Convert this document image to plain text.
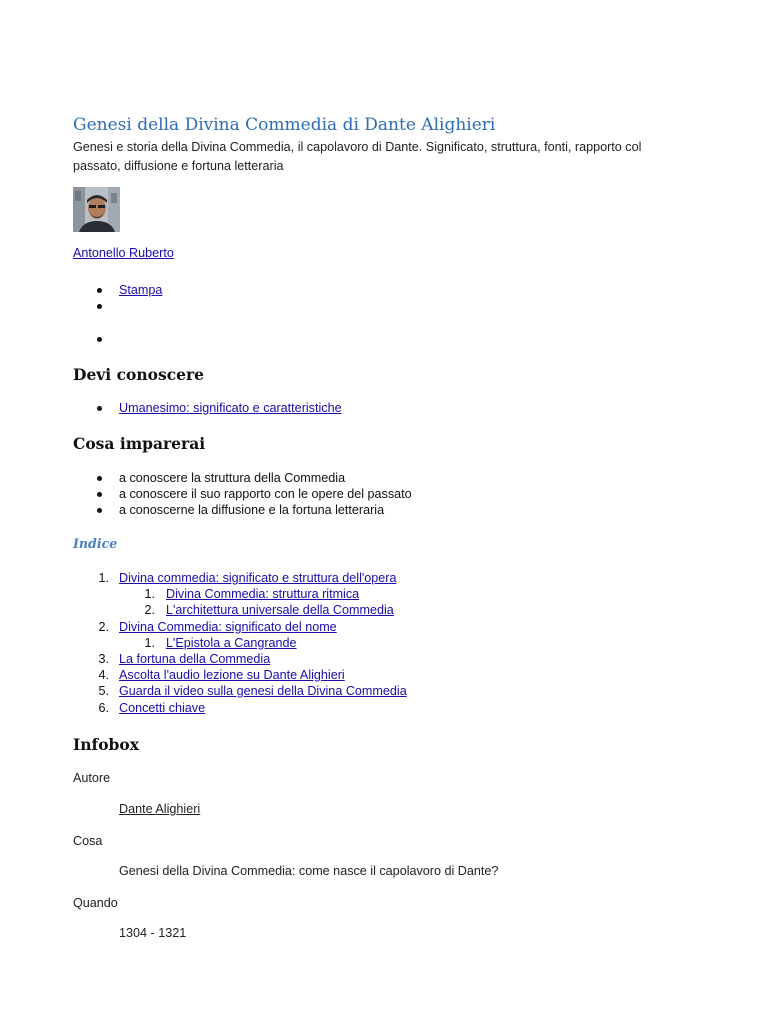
Genesi della Divina Commedia di Dante Alighieri
Genesi e storia della Divina Commedia, il capolavoro di Dante. Significato, struttura, fonti, rapporto col passato, diffusione e fortuna letteraria
Antonello Ruberto
Stampa
Devi conoscere
Umanesimo: significato e caratteristiche
Cosa imparerai
a conoscere la struttura della Commedia
a conoscere il suo rapporto con le opere del passato
a conoscerne la diffusione e la fortuna letteraria
Indice
1. Divina commedia: significato e struttura dell'opera
1. Divina Commedia: struttura ritmica
2. L'architettura universale della Commedia
2. Divina Commedia: significato del nome
1. L'Epistola a Cangrande
3. La fortuna della Commedia
4. Ascolta l'audio lezione su Dante Alighieri
5. Guarda il video sulla genesi della Divina Commedia
6. Concetti chiave
Infobox
Autore
Dante Alighieri
Cosa
Genesi della Divina Commedia: come nasce il capolavoro di Dante?
Quando
1304 - 1321
